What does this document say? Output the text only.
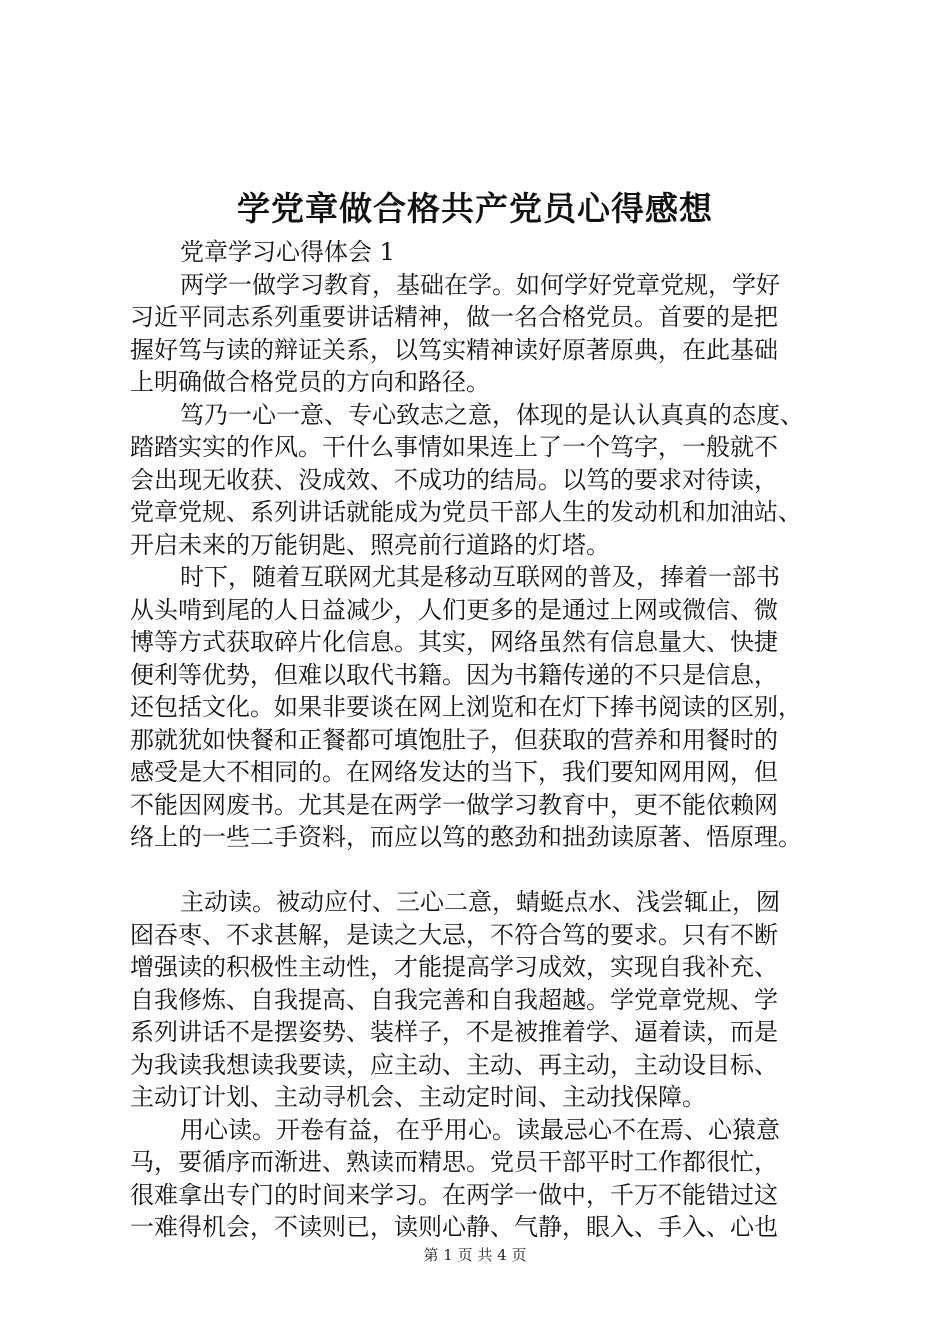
学党章做合格共产党员心得感想
党章学习心得体会 1
两学一做学习教育，基础在学。如何学好党章党规，学好
习近平同志系列重要讲话精神，做一名合格党员。首要的是把
握好笃与读的辩证关系，以笃实精神读好原著原典，在此基础
上明确做合格党员的方向和路径。
笃乃一心一意、专心致志之意，体现的是认认真真的态度、
踏踏实实的作风。干什么事情如果连上了一个笃字，一般就不
会出现无收获、没成效、不成功的结局。以笃的要求对待读，
党章党规、系列讲话就能成为党员干部人生的发动机和加油站、
开启未来的万能钥匙、照亮前行道路的灯塔。
时下，随着互联网尤其是移动互联网的普及，捧着一部书
从头啃到尾的人日益减少，人们更多的是通过上网或微信、微
博等方式获取碎片化信息。其实，网络虽然有信息量大、快捷
便利等优势，但难以取代书籍。因为书籍传递的不只是信息，
还包括文化。如果非要谈在网上浏览和在灯下捧书阅读的区别，
那就犹如快餐和正餐都可填饱肚子，但获取的营养和用餐时的
感受是大不相同的。在网络发达的当下，我们要知网用网，但
不能因网废书。尤其是在两学一做学习教育中，更不能依赖网
络上的一些二手资料，而应以笃的憨劲和拙劲读原著、悟原理。
主动读。被动应付、三心二意，蜻蜓点水、浅尝辄止，囫
囵吞枣、不求甚解，是读之大忌，不符合笃的要求。只有不断
增强读的积极性主动性，才能提高学习成效，实现自我补充、
自我修炼、自我提高、自我完善和自我超越。学党章党规、学
系列讲话不是摆姿势、装样子，不是被推着学、逼着读，而是
为我读我想读我要读，应主动、主动、再主动，主动设目标、
主动订计划、主动寻机会、主动定时间、主动找保障。
用心读。开卷有益，在乎用心。读最忌心不在焉、心猿意
马，要循序而渐进、熟读而精思。党员干部平时工作都很忙，
很难拿出专门的时间来学习。在两学一做中，千万不能错过这
一难得机会，不读则已，读则心静、气静，眼入、手入、心也
第 1 页 共 4 页
